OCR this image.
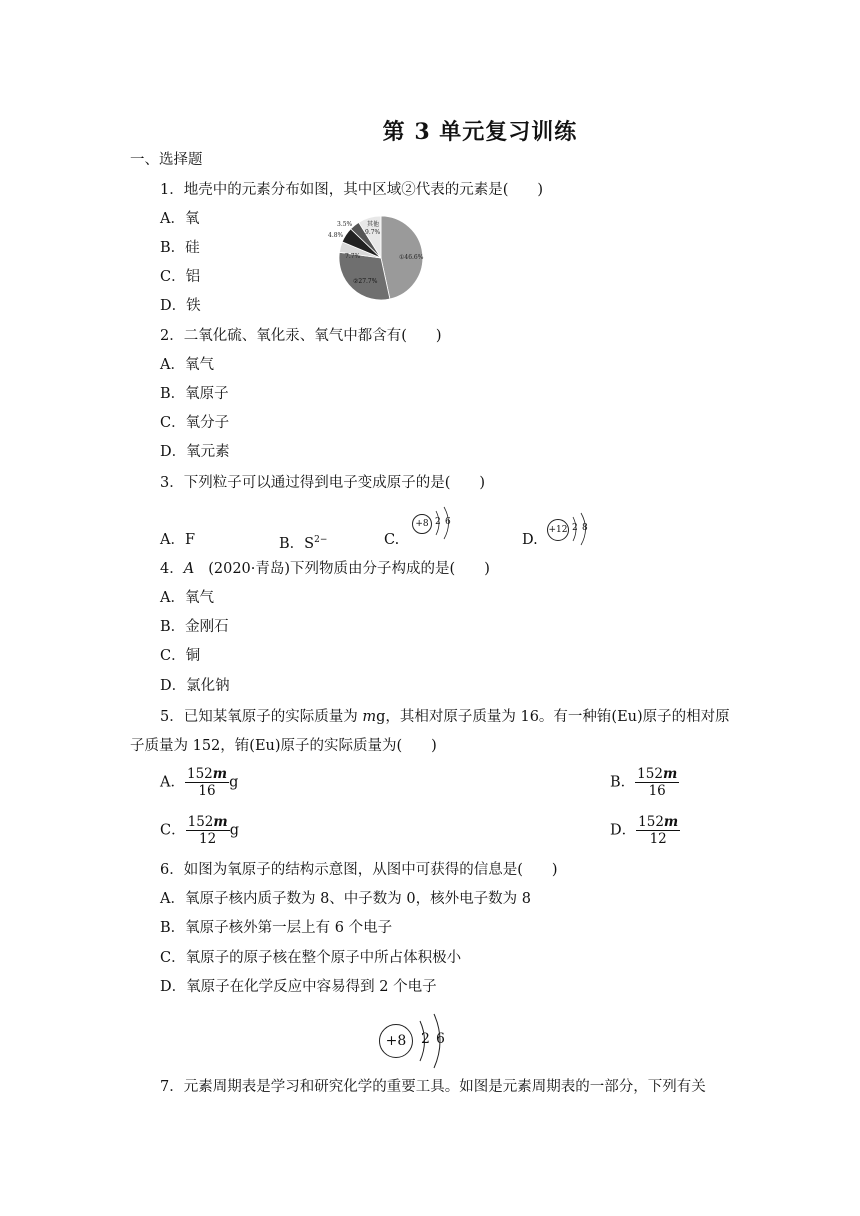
第 3 单元复习训练
一、选择题
1．地壳中的元素分布如图，其中区域②代表的元素是(　　)
A．氧
B．硅
C．铝
D．铁
①46.6%
②27.7%
7.7%
4.8%
3.5% 其他
9.7%
2．二氧化硫、氧化汞、氧气中都含有(　　)
A．氧气
B．氧原子
C．氧分子
D．氧元素
3．下列粒子可以通过得到电子变成原子的是(　　)
A．F	B．$S^{2-}$	C.
+8 2 6
D.
+12 2 8
4．A (2020·青岛)下列物质由分子构成的是(　　)
A．氧气
B．金刚石
C．铜
D．氯化钠
5．已知某氧原子的实际质量为 mg，其相对原子质量为 16。有一种铕(Eu)原子的相对原
子质量为 152，铕(Eu)原子的实际质量为(　　)
A． $\frac{152m}{16}$ g	B． $\frac{152m}{16}$
C． $\frac{152m}{12}$ g	D． $\frac{152m}{12}$
6．如图为氧原子的结构示意图，从图中可获得的信息是(　　)
A．氧原子核内质子数为 8、中子数为 0，核外电子数为 8
B．氧原子核外第一层上有 6 个电子
C．氧原子的原子核在整个原子中所占体积极小
D．氧原子在化学反应中容易得到 2 个电子
+8	2 6
7．元素周期表是学习和研究化学的重要工具。如图是元素周期表的一部分，下列有关
